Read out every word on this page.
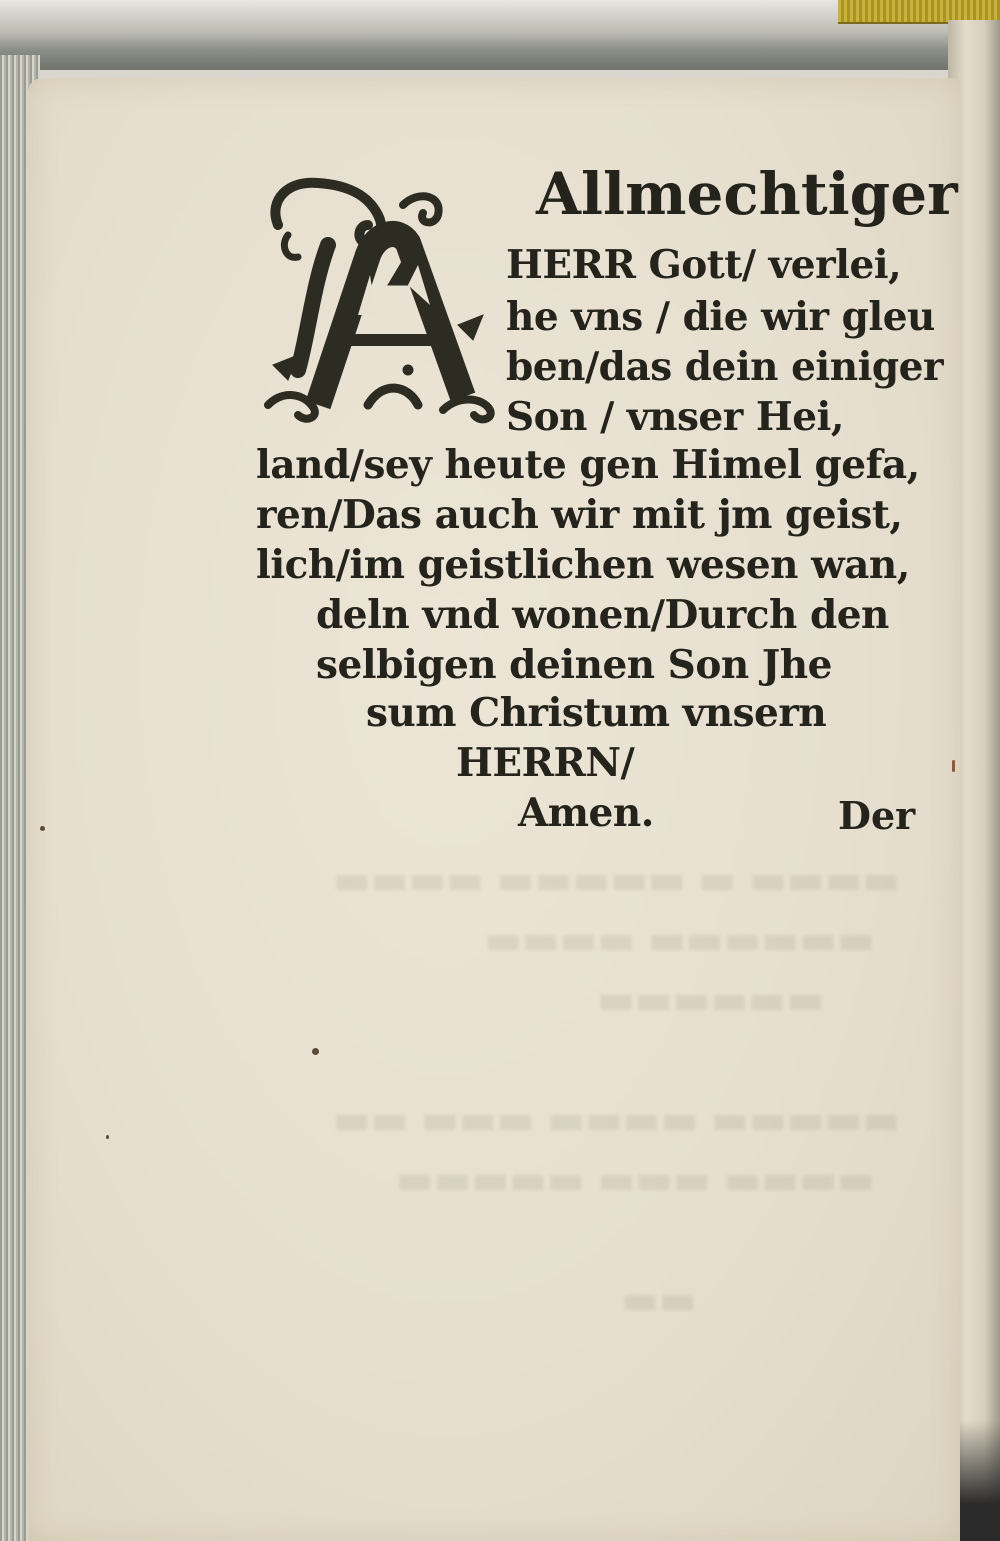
▬▬▬▬ ▬ ▬▬▬▬▬ ▬▬▬▬
▬▬▬▬▬▬ ▬▬▬▬
▬▬▬▬▬▬

▬▬▬▬▬ ▬▬▬▬ ▬▬▬ ▬▬
▬▬▬▬ ▬▬▬ ▬▬▬▬▬

▬▬
Allmechtiger
HERR Gott/ verlei,
he vns / die wir gleu
ben/das dein einiger
Son / vnser Hei,
land/sey heute gen Himel gefa,
ren/Das auch wir mit jm geist,
lich/im geistlichen wesen wan,
deln vnd wonen/Durch den
selbigen deinen Son Jhe
sum Christum vnsern
HERRN/
Amen.	Der
